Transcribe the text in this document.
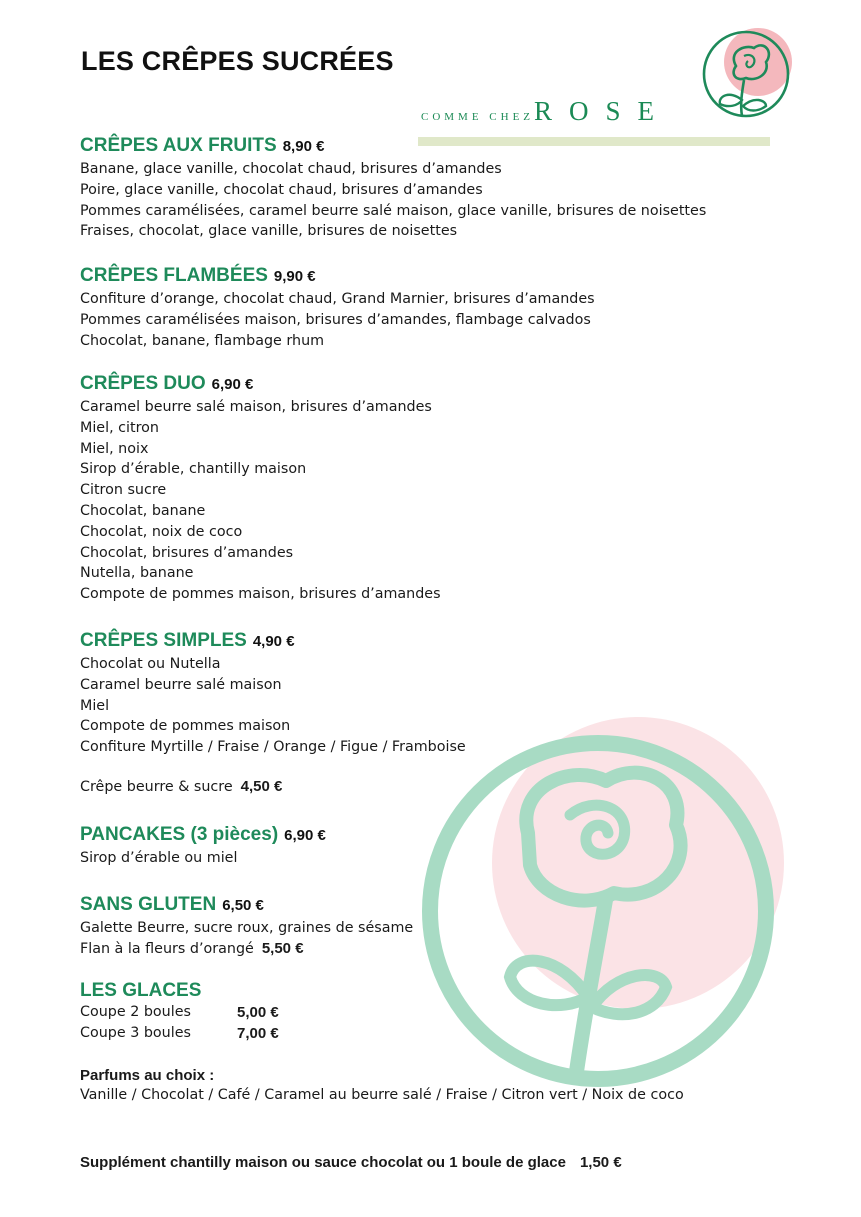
LES CRÊPES SUCRÉES
COMME CHEZROSE
CRÊPES AUX FRUITS 8,90 €
Banane, glace vanille, chocolat chaud, brisures d’amandes
Poire, glace vanille, chocolat chaud, brisures d’amandes
Pommes caramélisées, caramel beurre salé maison, glace vanille, brisures de noisettes
Fraises, chocolat, glace vanille, brisures de noisettes
CRÊPES FLAMBÉES 9,90 €
Confiture d’orange, chocolat chaud, Grand Marnier, brisures d’amandes
Pommes caramélisées maison, brisures d’amandes, flambage calvados
Chocolat, banane, flambage rhum
CRÊPES DUO 6,90 €
Caramel beurre salé maison, brisures d’amandes
Miel, citron
Miel, noix
Sirop d’érable, chantilly maison
Citron sucre
Chocolat, banane
Chocolat, noix de coco
Chocolat, brisures d’amandes
Nutella, banane
Compote de pommes maison, brisures d’amandes
CRÊPES SIMPLES 4,90 €
Chocolat ou Nutella
Caramel beurre salé maison
Miel
Compote de pommes maison
Confiture Myrtille / Fraise / Orange / Figue / Framboise
Crêpe beurre & sucre 4,50 €
PANCAKES (3 pièces) 6,90 €
Sirop d’érable ou miel
SANS GLUTEN 6,50 €
Galette Beurre, sucre roux, graines de sésame
Flan à la fleurs d’orangé 5,50 €
LES GLACES
Coupe 2 boules	5,00 €
Coupe 3 boules	7,00 €
Parfums au choix :
Vanille / Chocolat / Café / Caramel au beurre salé / Fraise / Citron vert / Noix de coco
Supplément chantilly maison ou sauce chocolat ou 1 boule de glace 1,50 €
